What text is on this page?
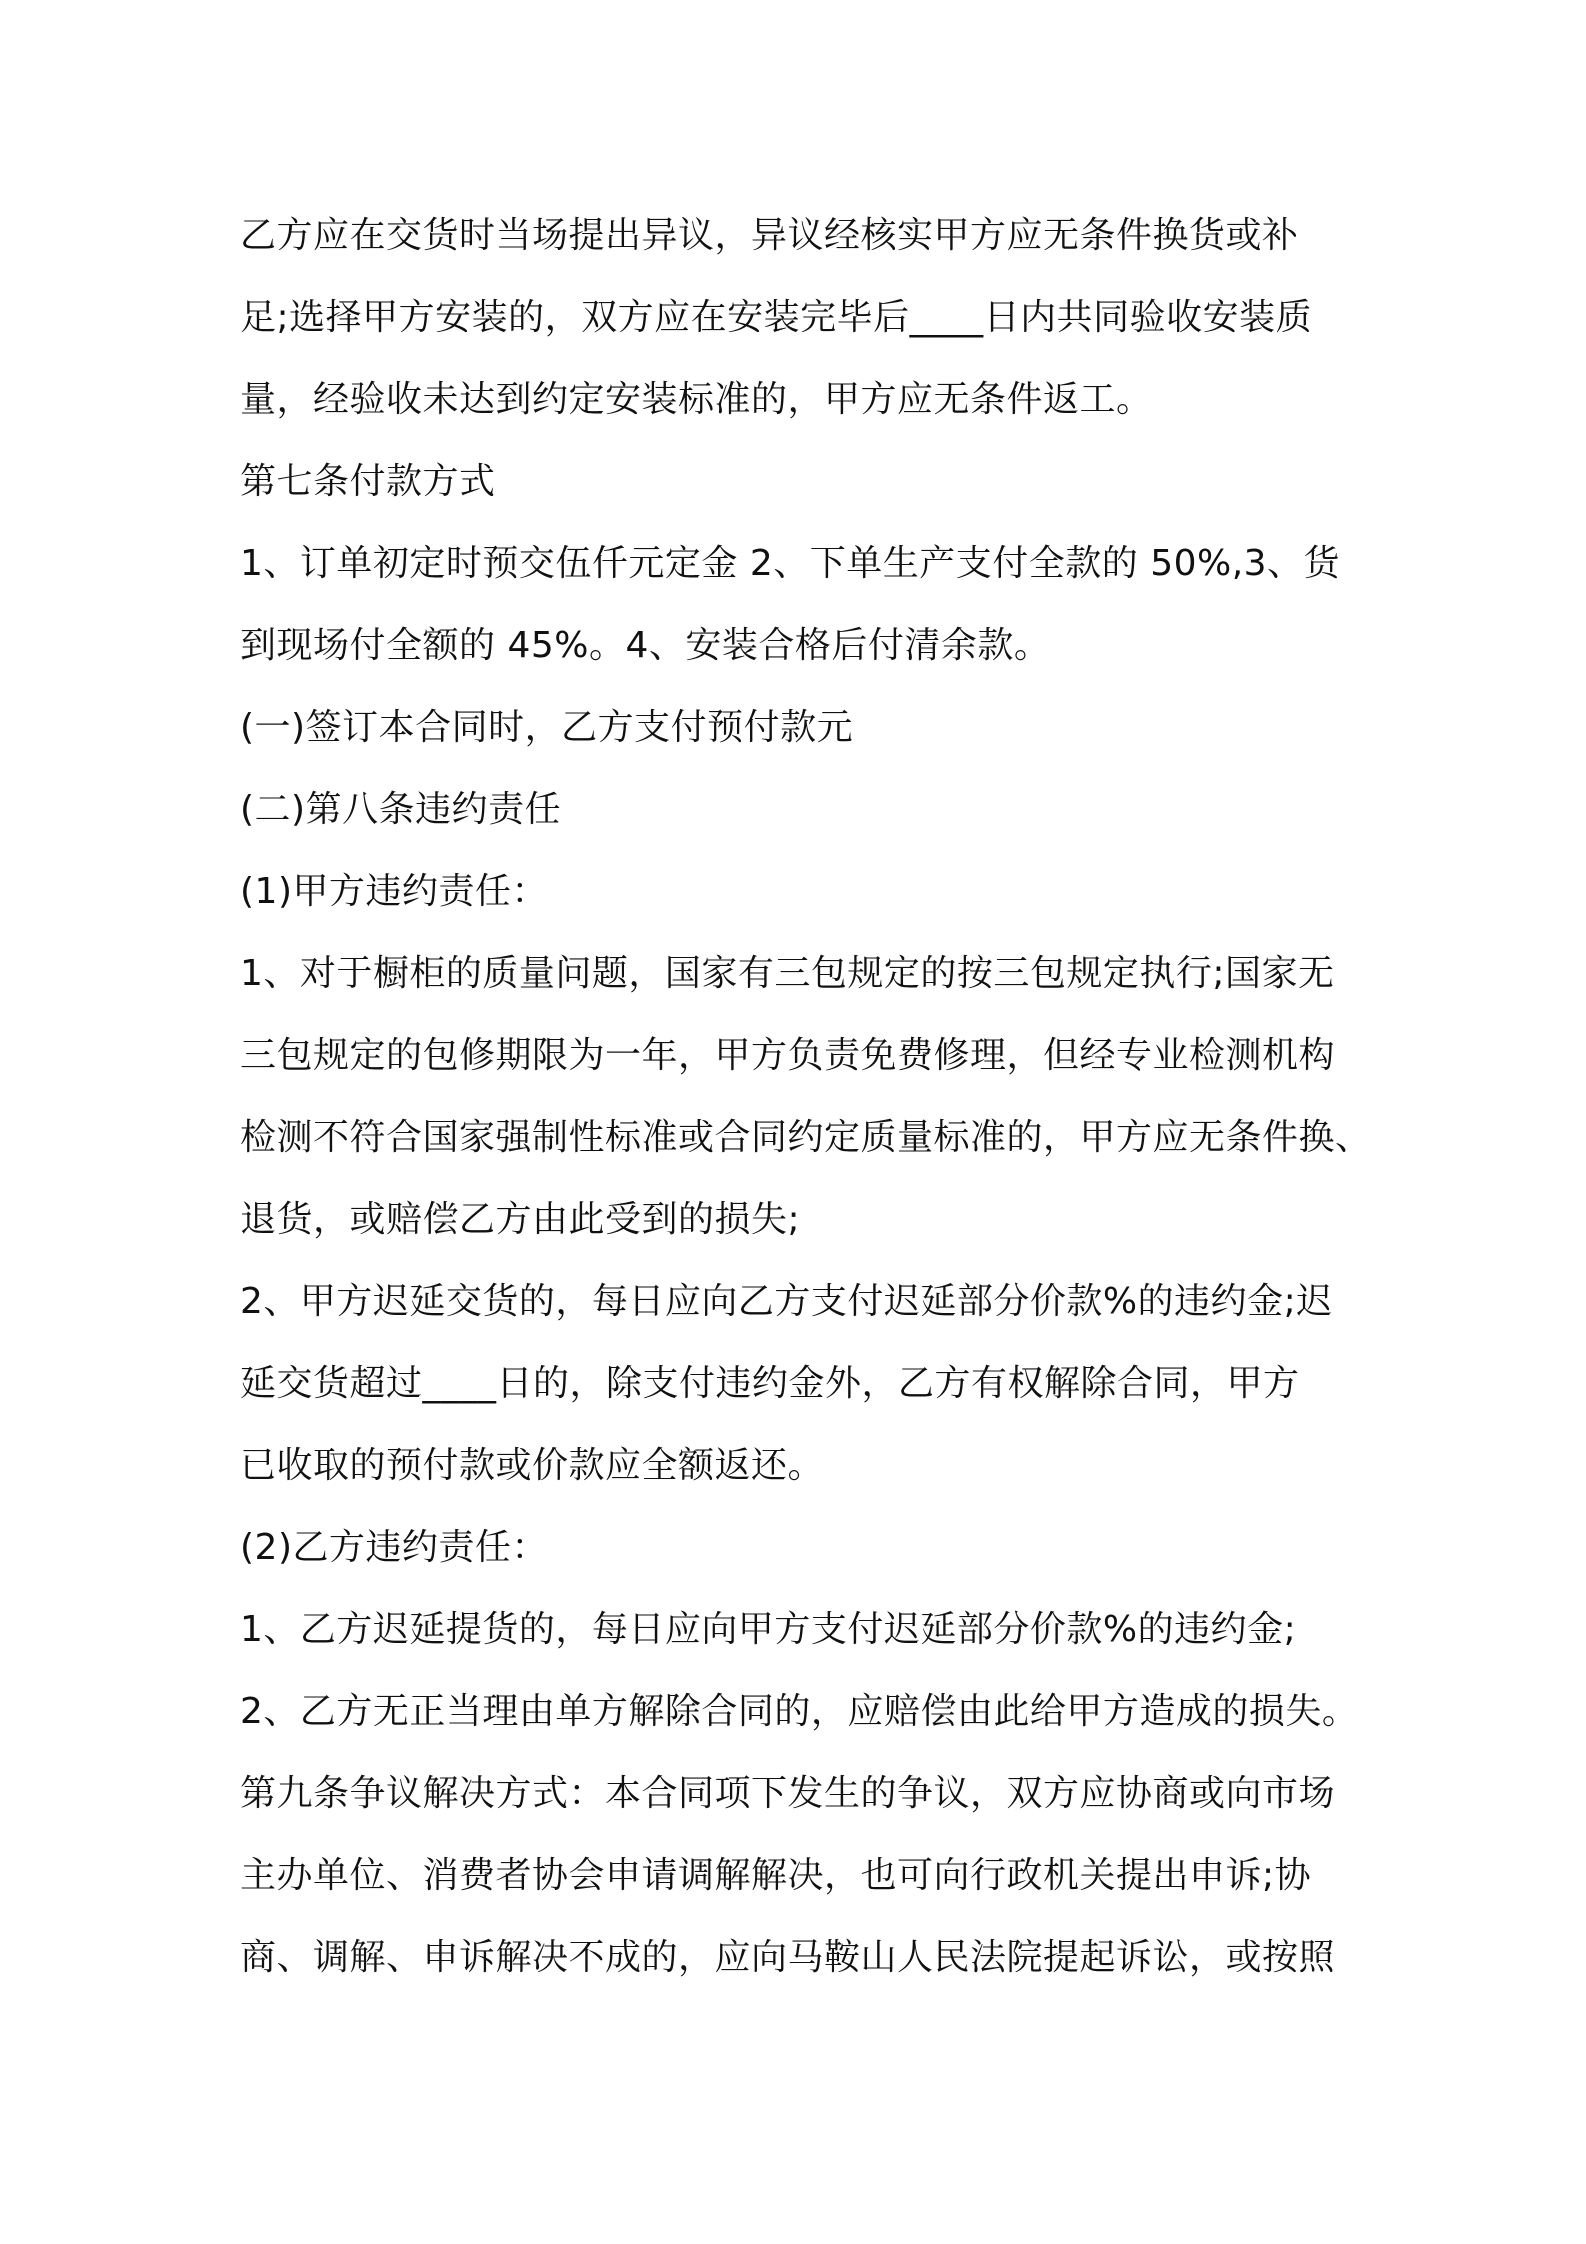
乙方应在交货时当场提出异议，异议经核实甲方应无条件换货或补
足;选择甲方安装的，双方应在安装完毕后____日内共同验收安装质
量，经验收未达到约定安装标准的，甲方应无条件返工。
第七条付款方式
1、订单初定时预交伍仟元定金 2、下单生产支付全款的 50%,3、货
到现场付全额的 45%。4、安装合格后付清余款。
(一)签订本合同时，乙方支付预付款元
(二)第八条违约责任
(1)甲方违约责任：
1、对于橱柜的质量问题，国家有三包规定的按三包规定执行;国家无
三包规定的包修期限为一年，甲方负责免费修理，但经专业检测机构
检测不符合国家强制性标准或合同约定质量标准的，甲方应无条件换、
退货，或赔偿乙方由此受到的损失;
2、甲方迟延交货的，每日应向乙方支付迟延部分价款%的违约金;迟
延交货超过____日的，除支付违约金外，乙方有权解除合同，甲方
已收取的预付款或价款应全额返还。
(2)乙方违约责任：
1、乙方迟延提货的，每日应向甲方支付迟延部分价款%的违约金;
2、乙方无正当理由单方解除合同的，应赔偿由此给甲方造成的损失。
第九条争议解决方式：本合同项下发生的争议，双方应协商或向市场
主办单位、消费者协会申请调解解决，也可向行政机关提出申诉;协
商、调解、申诉解决不成的，应向马鞍山人民法院提起诉讼，或按照
